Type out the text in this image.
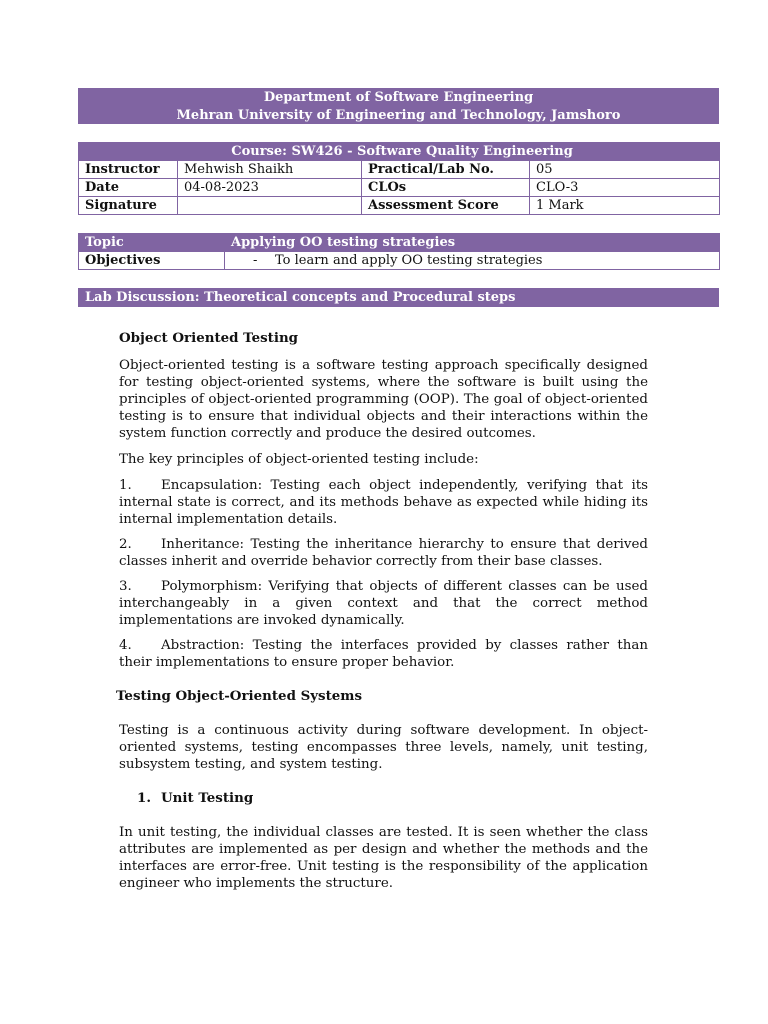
Department of Software Engineering
Mehran University of Engineering and Technology, Jamshoro
Course: SW426 - Software Quality Engineering			
Instructor	Mehwish Shaikh	Practical/Lab No.	05
Date	04-08-2023	CLOs	CLO-3
Signature		Assessment Score	1 Mark
Topic	Applying OO testing strategies
Objectives	- To learn and apply OO testing strategies
Lab Discussion: Theoretical concepts and Procedural steps

Object Oriented Testing

Object-oriented testing is a software testing approach specifically designed for testing object-oriented systems, where the software is built using the principles of object-oriented programming (OOP). The goal of object-oriented testing is to ensure that individual objects and their interactions within the system function correctly and produce the desired outcomes.

The key principles of object-oriented testing include:

1. Encapsulation: Testing each object independently, verifying that its internal state is correct, and its methods behave as expected while hiding its internal implementation details.

2. Inheritance: Testing the inheritance hierarchy to ensure that derived classes inherit and override behavior correctly from their base classes.

3. Polymorphism: Verifying that objects of different classes can be used interchangeably in a given context and that the correct method implementations are invoked dynamically.

4. Abstraction: Testing the interfaces provided by classes rather than their implementations to ensure proper behavior.

Testing Object-Oriented Systems

Testing is a continuous activity during software development. In object-oriented systems, testing encompasses three levels, namely, unit testing, subsystem testing, and system testing.

1. Unit Testing

In unit testing, the individual classes are tested. It is seen whether the class attributes are implemented as per design and whether the methods and the interfaces are error-free. Unit testing is the responsibility of the application engineer who implements the structure.
